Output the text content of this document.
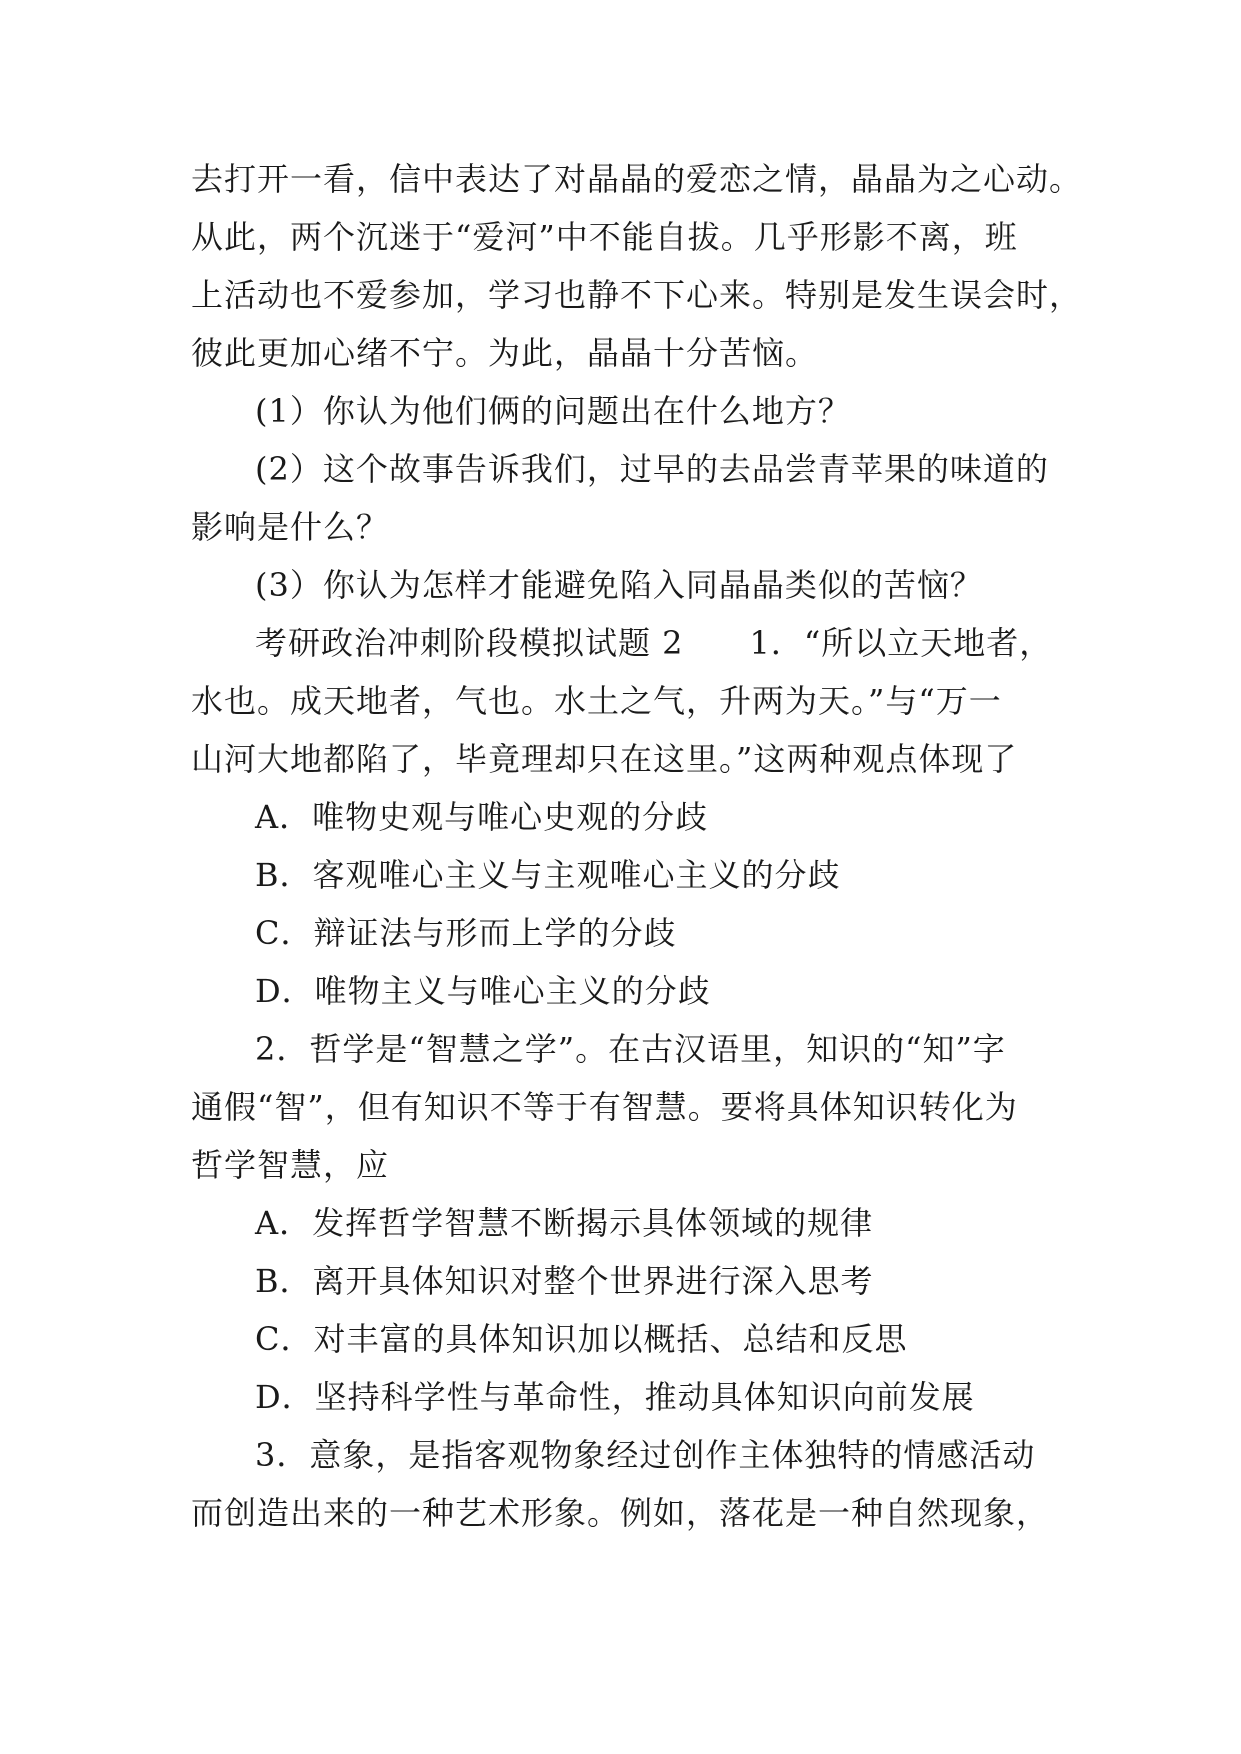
去打开一看，信中表达了对晶晶的爱恋之情，晶晶为之心动。
从此，两个沉迷于“爱河”中不能自拔。几乎形影不离，班
上活动也不爱参加，学习也静不下心来。特别是发生误会时，
彼此更加心绪不宁。为此，晶晶十分苦恼。
(1）你认为他们俩的问题出在什么地方？
(2）这个故事告诉我们，过早的去品尝青苹果的味道的
影响是什么？
(3）你认为怎样才能避免陷入同晶晶类似的苦恼？
考研政治冲刺阶段模拟试题 2　　1．“所以立天地者，
水也。成天地者，气也。水土之气，升两为天。”与“万一
山河大地都陷了，毕竟理却只在这里。”这两种观点体现了
A．唯物史观与唯心史观的分歧
B．客观唯心主义与主观唯心主义的分歧
C．辩证法与形而上学的分歧
D．唯物主义与唯心主义的分歧
2．哲学是“智慧之学”。在古汉语里，知识的“知”字
通假“智”，但有知识不等于有智慧。要将具体知识转化为
哲学智慧，应
A．发挥哲学智慧不断揭示具体领域的规律
B．离开具体知识对整个世界进行深入思考
C．对丰富的具体知识加以概括、总结和反思
D．坚持科学性与革命性，推动具体知识向前发展
3．意象，是指客观物象经过创作主体独特的情感活动
而创造出来的一种艺术形象。例如，落花是一种自然现象，
